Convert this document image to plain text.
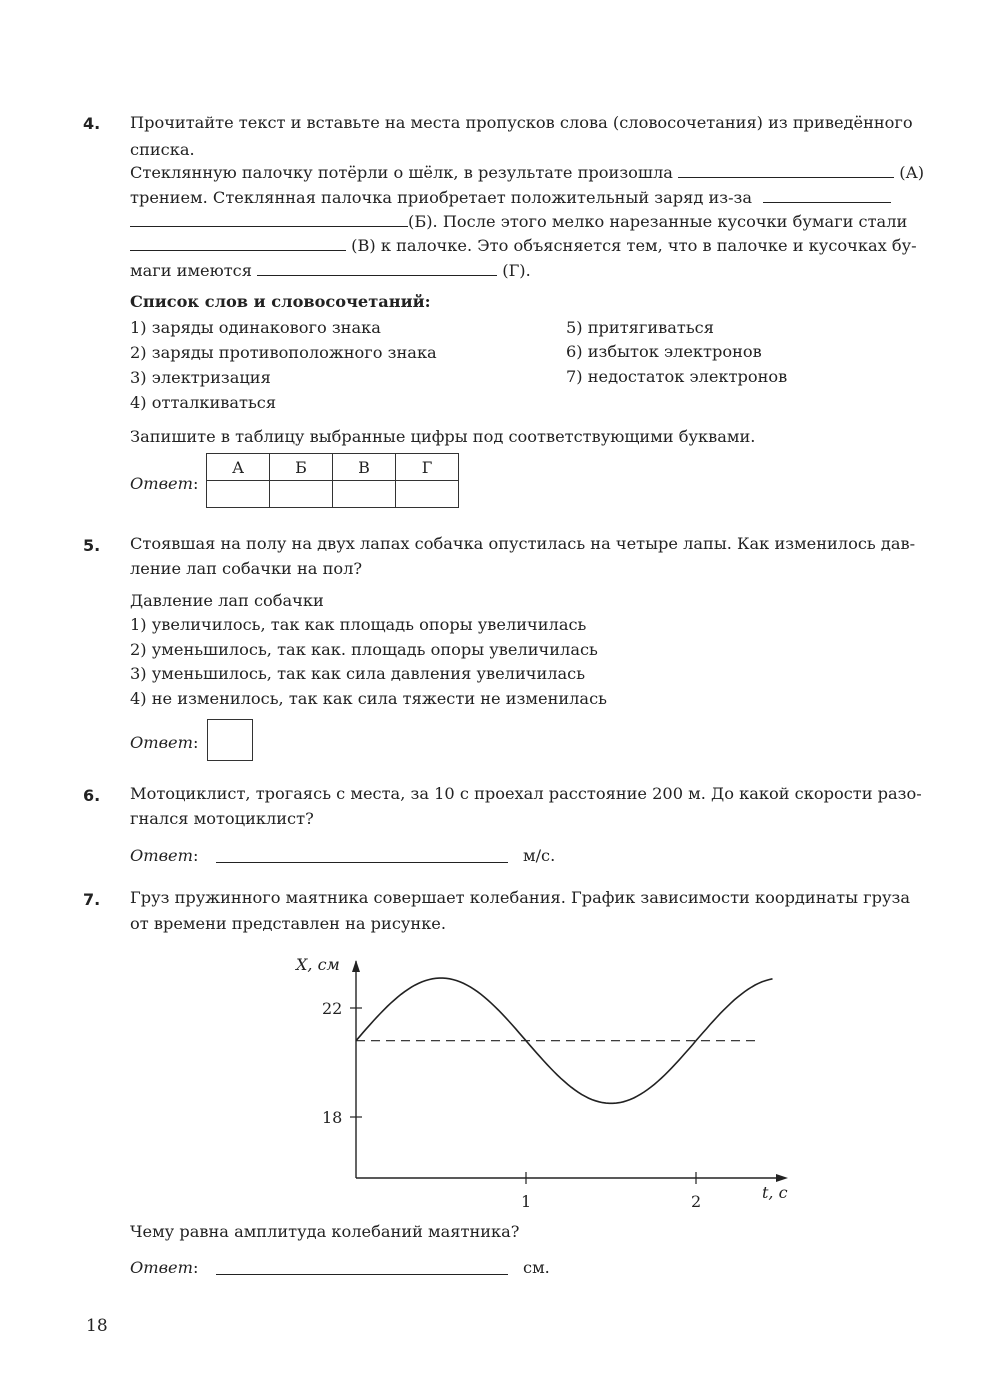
4. Прочитайте текст и вставьте на места пропусков слова (словосочетания) из приведённого
списка.
Стеклянную палочку потёрли о шёлк, в результате произошла	(А)
трением. Стеклянная палочка приобретает положительный заряд из-за
(Б). После этого мелко нарезанные кусочки бумаги стали
(В) к палочке. Это объясняется тем, что в палочке и кусочках бу-
маги имеются	(Г).
Список слов и словосочетаний:
1) заряды одинакового знака
2) заряды противоположного знака
3) электризация
4) отталкиваться
5) притягиваться
6) избыток электронов
7) недостаток электронов
Запишите в таблицу выбранные цифры под соответствующими буквами.
Ответ:
А	Б	В	Г

5. Стоявшая на полу на двух лапах собачка опустилась на четыре лапы. Как изменилось дав-
ление лап собачки на пол?
Давление лап собачки
1) увеличилось, так как площадь опоры увеличилась
2) уменьшилось, так как. площадь опоры увеличилась
3) уменьшилось, так как сила давления увеличилась
4) не изменилось, так как сила тяжести не изменилась
Ответ:
6. Мотоциклист, трогаясь с места, за 10 с проехал расстояние 200 м. До какой скорости разо-
гнался мотоциклист?
Ответ:	м/с.
7. Груз пружинного маятника совершает колебания. График зависимости координаты груза
от времени представлен на рисунке.
X, см
t, с
22
18
1	2
Чему равна амплитуда колебаний маятника?
Ответ:	см.
18
